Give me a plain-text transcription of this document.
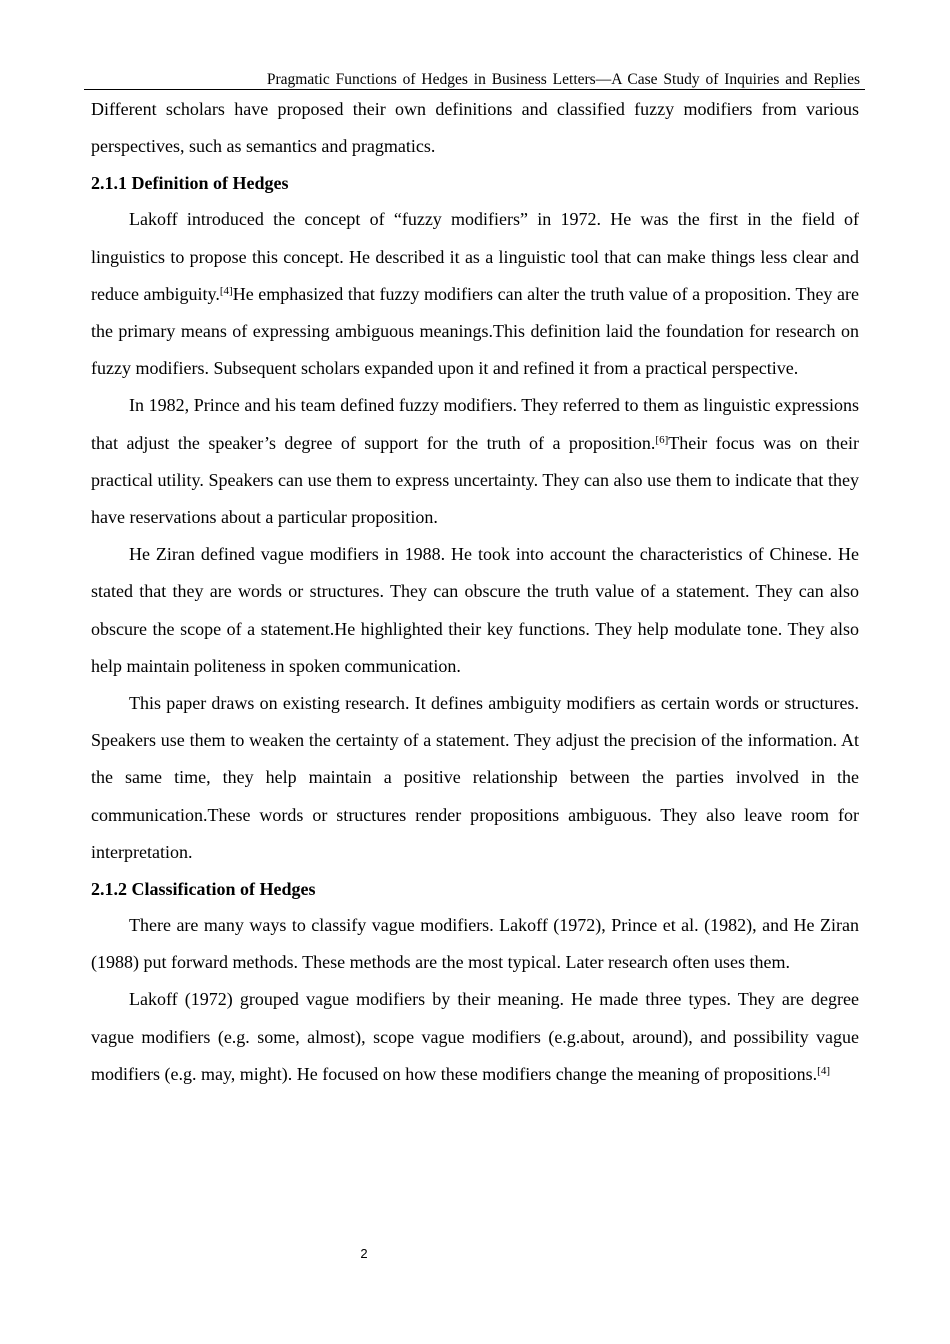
Pragmatic Functions of Hedges in Business Letters—A Case Study of Inquiries and Replies

Different scholars have proposed their own definitions and classified fuzzy modifiers from various perspectives, such as semantics and pragmatics.

2.1.1 Definition of Hedges

Lakoff introduced the concept of “fuzzy modifiers” in 1972. He was the first in the field of linguistics to propose this concept. He described it as a linguistic tool that can make things less clear and reduce ambiguity.[4]He emphasized that fuzzy modifiers can alter the truth value of a proposition. They are the primary means of expressing ambiguous meanings.This definition laid the foundation for research on fuzzy modifiers. Subsequent scholars expanded upon it and refined it from a practical perspective.

In 1982, Prince and his team defined fuzzy modifiers. They referred to them as linguistic expressions that adjust the speaker’s degree of support for the truth of a proposition.[6]Their focus was on their practical utility. Speakers can use them to express uncertainty. They can also use them to indicate that they have reservations about a particular proposition.

He Ziran defined vague modifiers in 1988. He took into account the characteristics of Chinese. He stated that they are words or structures. They can obscure the truth value of a statement. They can also obscure the scope of a statement.He highlighted their key functions. They help modulate tone. They also help maintain politeness in spoken communication.

This paper draws on existing research. It defines ambiguity modifiers as certain words or structures. Speakers use them to weaken the certainty of a statement. They adjust the precision of the information. At the same time, they help maintain a positive relationship between the parties involved in the communication.These words or structures render propositions ambiguous. They also leave room for interpretation.

2.1.2 Classification of Hedges

There are many ways to classify vague modifiers. Lakoff (1972), Prince et al. (1982), and He Ziran (1988) put forward methods. These methods are the most typical. Later research often uses them.

Lakoff (1972) grouped vague modifiers by their meaning. He made three types. They are degree vague modifiers (e.g. some, almost), scope vague modifiers (e.g.about, around), and possibility vague modifiers (e.g. may, might). He focused on how these modifiers change the meaning of propositions.[4]

2
